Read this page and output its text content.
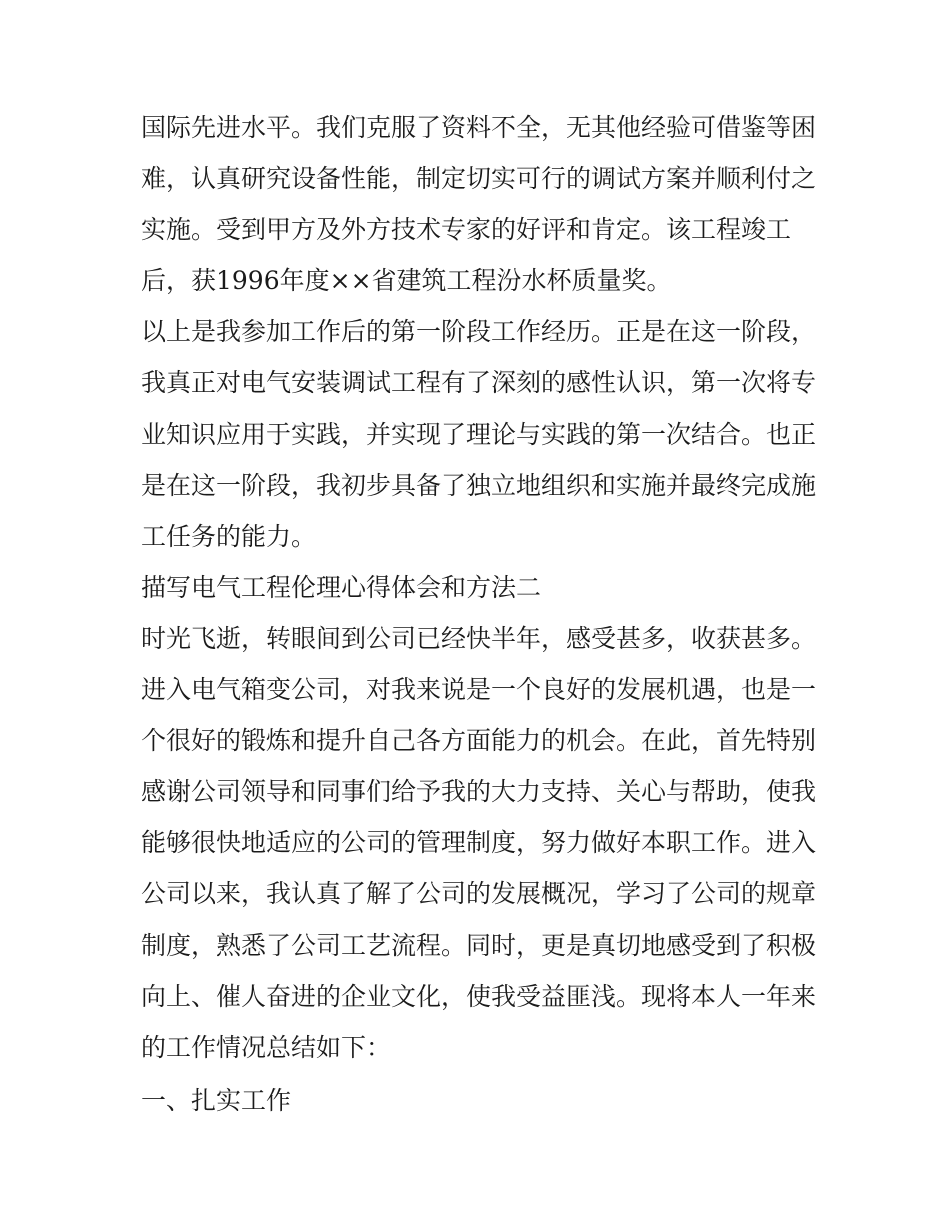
国际先进水平。我们克服了资料不全，无其他经验可借鉴等困
难，认真研究设备性能，制定切实可行的调试方案并顺利付之
实施。受到甲方及外方技术专家的好评和肯定。该工程竣工
后，获1996年度××省建筑工程汾水杯质量奖。
以上是我参加工作后的第一阶段工作经历。正是在这一阶段，
我真正对电气安装调试工程有了深刻的感性认识，第一次将专
业知识应用于实践，并实现了理论与实践的第一次结合。也正
是在这一阶段，我初步具备了独立地组织和实施并最终完成施
工任务的能力。
描写电气工程伦理心得体会和方法二
时光飞逝，转眼间到公司已经快半年，感受甚多，收获甚多。
进入电气箱变公司，对我来说是一个良好的发展机遇，也是一
个很好的锻炼和提升自己各方面能力的机会。在此，首先特别
感谢公司领导和同事们给予我的大力支持、关心与帮助，使我
能够很快地适应的公司的管理制度，努力做好本职工作。进入
公司以来，我认真了解了公司的发展概况，学习了公司的规章
制度，熟悉了公司工艺流程。同时，更是真切地感受到了积极
向上、催人奋进的企业文化，使我受益匪浅。现将本人一年来
的工作情况总结如下：
一、扎实工作
